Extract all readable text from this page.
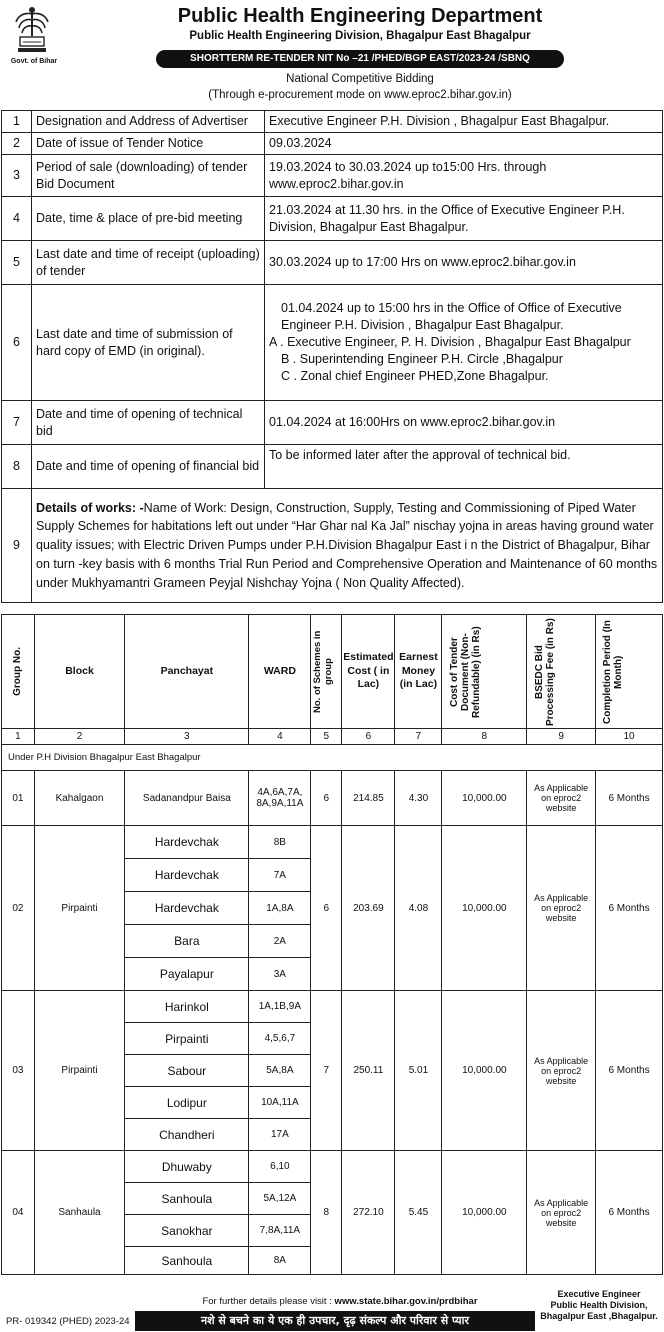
Govt. of Bihar
Public Health Engineering Department
Public Health Engineering Division, Bhagalpur East Bhagalpur
SHORTTERM RE-TENDER NIT No –21 /PHED/BGP EAST/2023-24 /SBNQ
National Competitive Bidding
(Through e-procurement mode on www.eproc2.bihar.gov.in)
1	Designation and Address of Advertiser	Executive Engineer P.H. Division , Bhagalpur East Bhagalpur.
2	Date of issue of Tender Notice	09.03.2024
3	Period of sale (downloading) of tender Bid Document	19.03.2024 to 30.03.2024 up to15:00 Hrs. through www.eproc2.bihar.gov.in
4	Date, time & place of pre-bid meeting	21.03.2024 at 11.30 hrs. in the Office of Executive Engineer P.H. Division, Bhagalpur East Bhagalpur.
5	Last date and time of receipt (uploading) of tender	30.03.2024 up to 17:00 Hrs on www.eproc2.bihar.gov.in
6	Last date and time of submission of hard copy of EMD (in original).	01.04.2024 up to 15:00 hrs in the Office of Office of Executive
Engineer P.H. Division , Bhagalpur East Bhagalpur.
A . Executive Engineer, P. H. Division , Bhagalpur East Bhagalpur
B . Superintending Engineer P.H. Circle ,Bhagalpur
C . Zonal chief Engineer PHED,Zone Bhagalpur.

7	Date and time of opening of technical bid	01.04.2024 at 16:00Hrs on www.eproc2.bihar.gov.in
8	Date and time of opening of financial bid	To be informed later after the approval of technical bid.
9	Details of works: -Name of Work: Design, Construction, Supply, Testing and Commissioning of Piped Water Supply Schemes for habitations left out under “Har Ghar nal Ka Jal” nischay yojna in areas having ground water quality issues; with Electric Driven Pumps under P.H.Division Bhagalpur East i n the District of Bhagalpur, Bihar on turn -key basis with 6 months Trial Run Period and Comprehensive Operation and Maintenance of 60 months under Mukhyamantri Grameen Peyjal Nishchay Yojna ( Non Quality Affected).	
Group No.	Block	Panchayat	WARD	No. of Schemes in group	Estimated Cost ( in Lac)	Earnest Money (in Lac)	Cost of Tender Document (Non-Refundable) (in Rs)	BSEDC Bid Processing Fee (in Rs)	Completion Period (In Month)

1	2	3	4	5	6	7	8	9	10
Under P.H Division Bhagalpur East Bhagalpur									
01	Kahalgaon	Sadanandpur Baisa	4A,6A,7A, 8A,9A,11A	6	214.85	4.30	10,000.00	As Applicable on eproc2 website	6 Months
02	Pirpainti	Hardevchak	8B	6	203.69	4.08	10,000.00	As Applicable on eproc2 website	6 Months
		Hardevchak	7A						
		Hardevchak	1A,8A						
		Bara	2A						
		Payalapur	3A						
03	Pirpainti	Harinkol	1A,1B,9A	7	250.11	5.01	10,000.00	As Applicable on eproc2 website	6 Months
		Pirpainti	4,5,6,7						
		Sabour	5A,8A						
		Lodipur	10A,11A						
		Chandheri	17A						
04	Sanhaula	Dhuwaby	6,10	8	272.10	5.45	10,000.00	As Applicable on eproc2 website	6 Months
		Sanhoula	5A,12A						
		Sanokhar	7,8A,11A						
		Sanhoula	8A						
For further details please visit : www.state.bihar.gov.in/prdbihar
Executive Engineer
Public Health Division,
Bhagalpur East ,Bhagalpur.
PR- 019342 (PHED) 2023-24	नशे से बचने का ये एक ही उपचार, दृढ़ संकल्प और परिवार से प्यार
